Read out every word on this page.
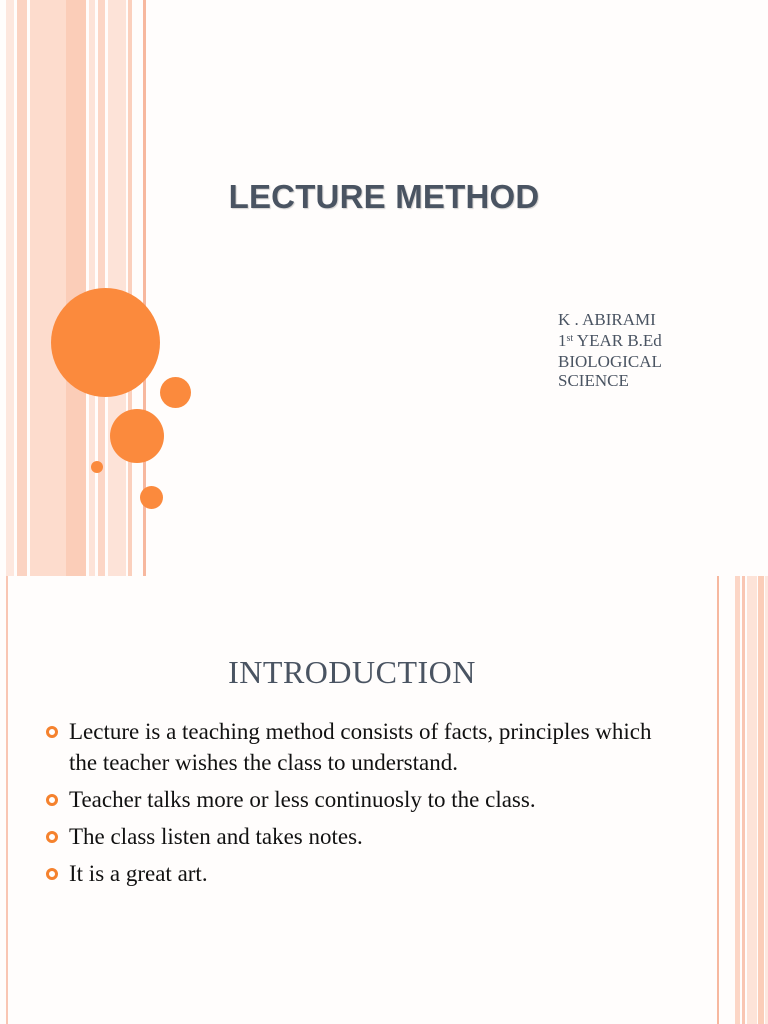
LECTURE METHOD
K . ABIRAMI
1st YEAR B.Ed
BIOLOGICAL
SCIENCE
INTRODUCTION
Lecture is a teaching method consists of facts, principles which the teacher wishes the class to understand.
Teacher talks more or less continuosly to the class.
The class listen and takes notes.
It is a great art.
